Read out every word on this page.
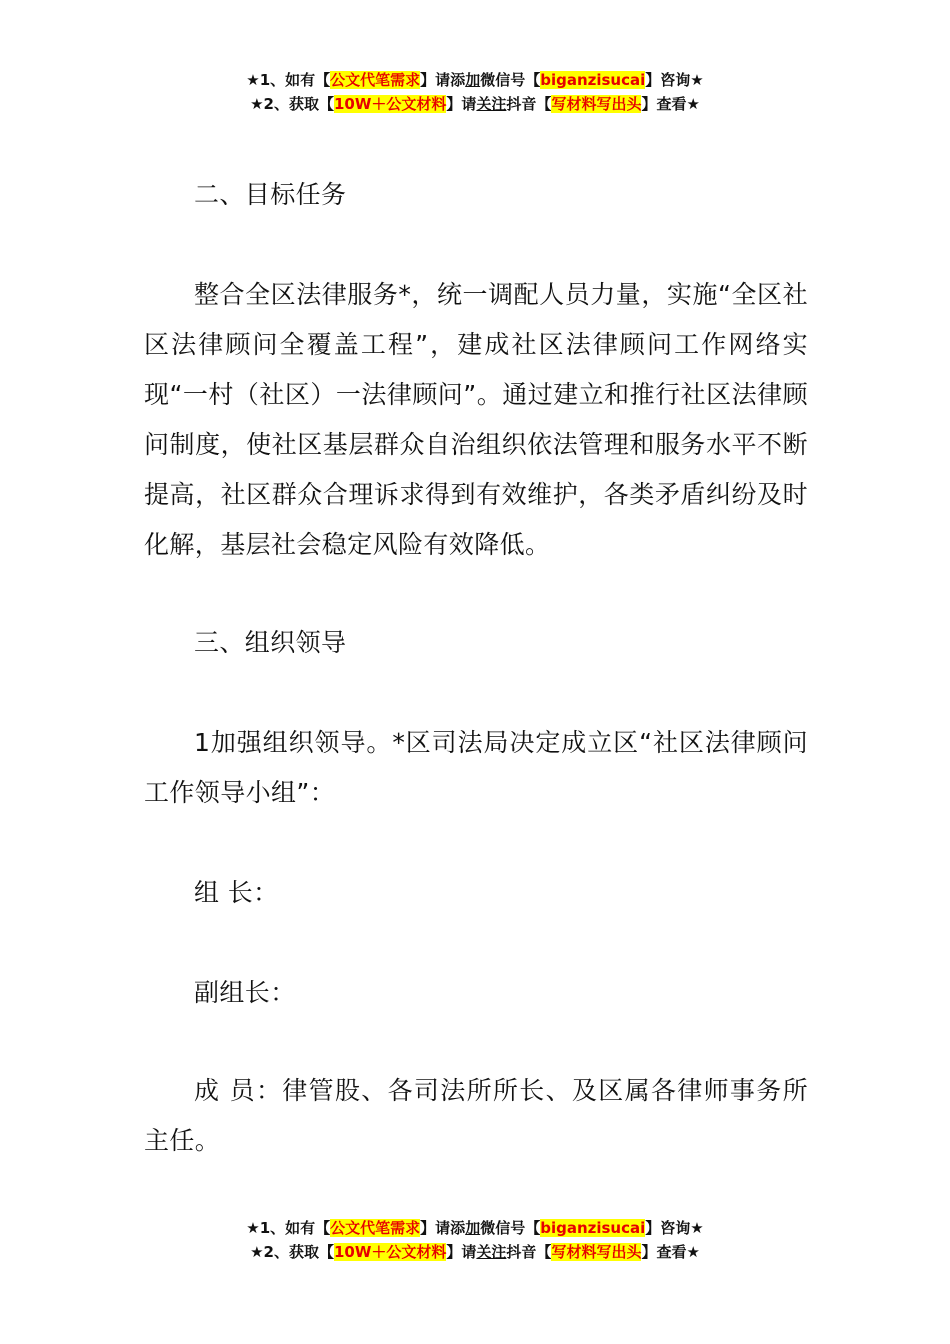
★1、如有【公文代笔需求】请添加微信号【biganzisucai】咨询★
★2、获取【10W＋公文材料】请关注抖音【写材料写出头】查看★

二、目标任务

整合全区法律服务*，统一调配人员力量，实施“全区社区法律顾问全覆盖工程”，建成社区法律顾问工作网络实现“一村（社区）一法律顾问”。通过建立和推行社区法律顾问制度，使社区基层群众自治组织依法管理和服务水平不断提高，社区群众合理诉求得到有效维护，各类矛盾纠纷及时化解，基层社会稳定风险有效降低。

三、组织领导

1加强组织领导。*区司法局决定成立区“社区法律顾问工作领导小组”：

组 长：

副组长：

成 员：律管股、各司法所所长、及区属各律师事务所主任。

★1、如有【公文代笔需求】请添加微信号【biganzisucai】咨询★
★2、获取【10W＋公文材料】请关注抖音【写材料写出头】查看★
